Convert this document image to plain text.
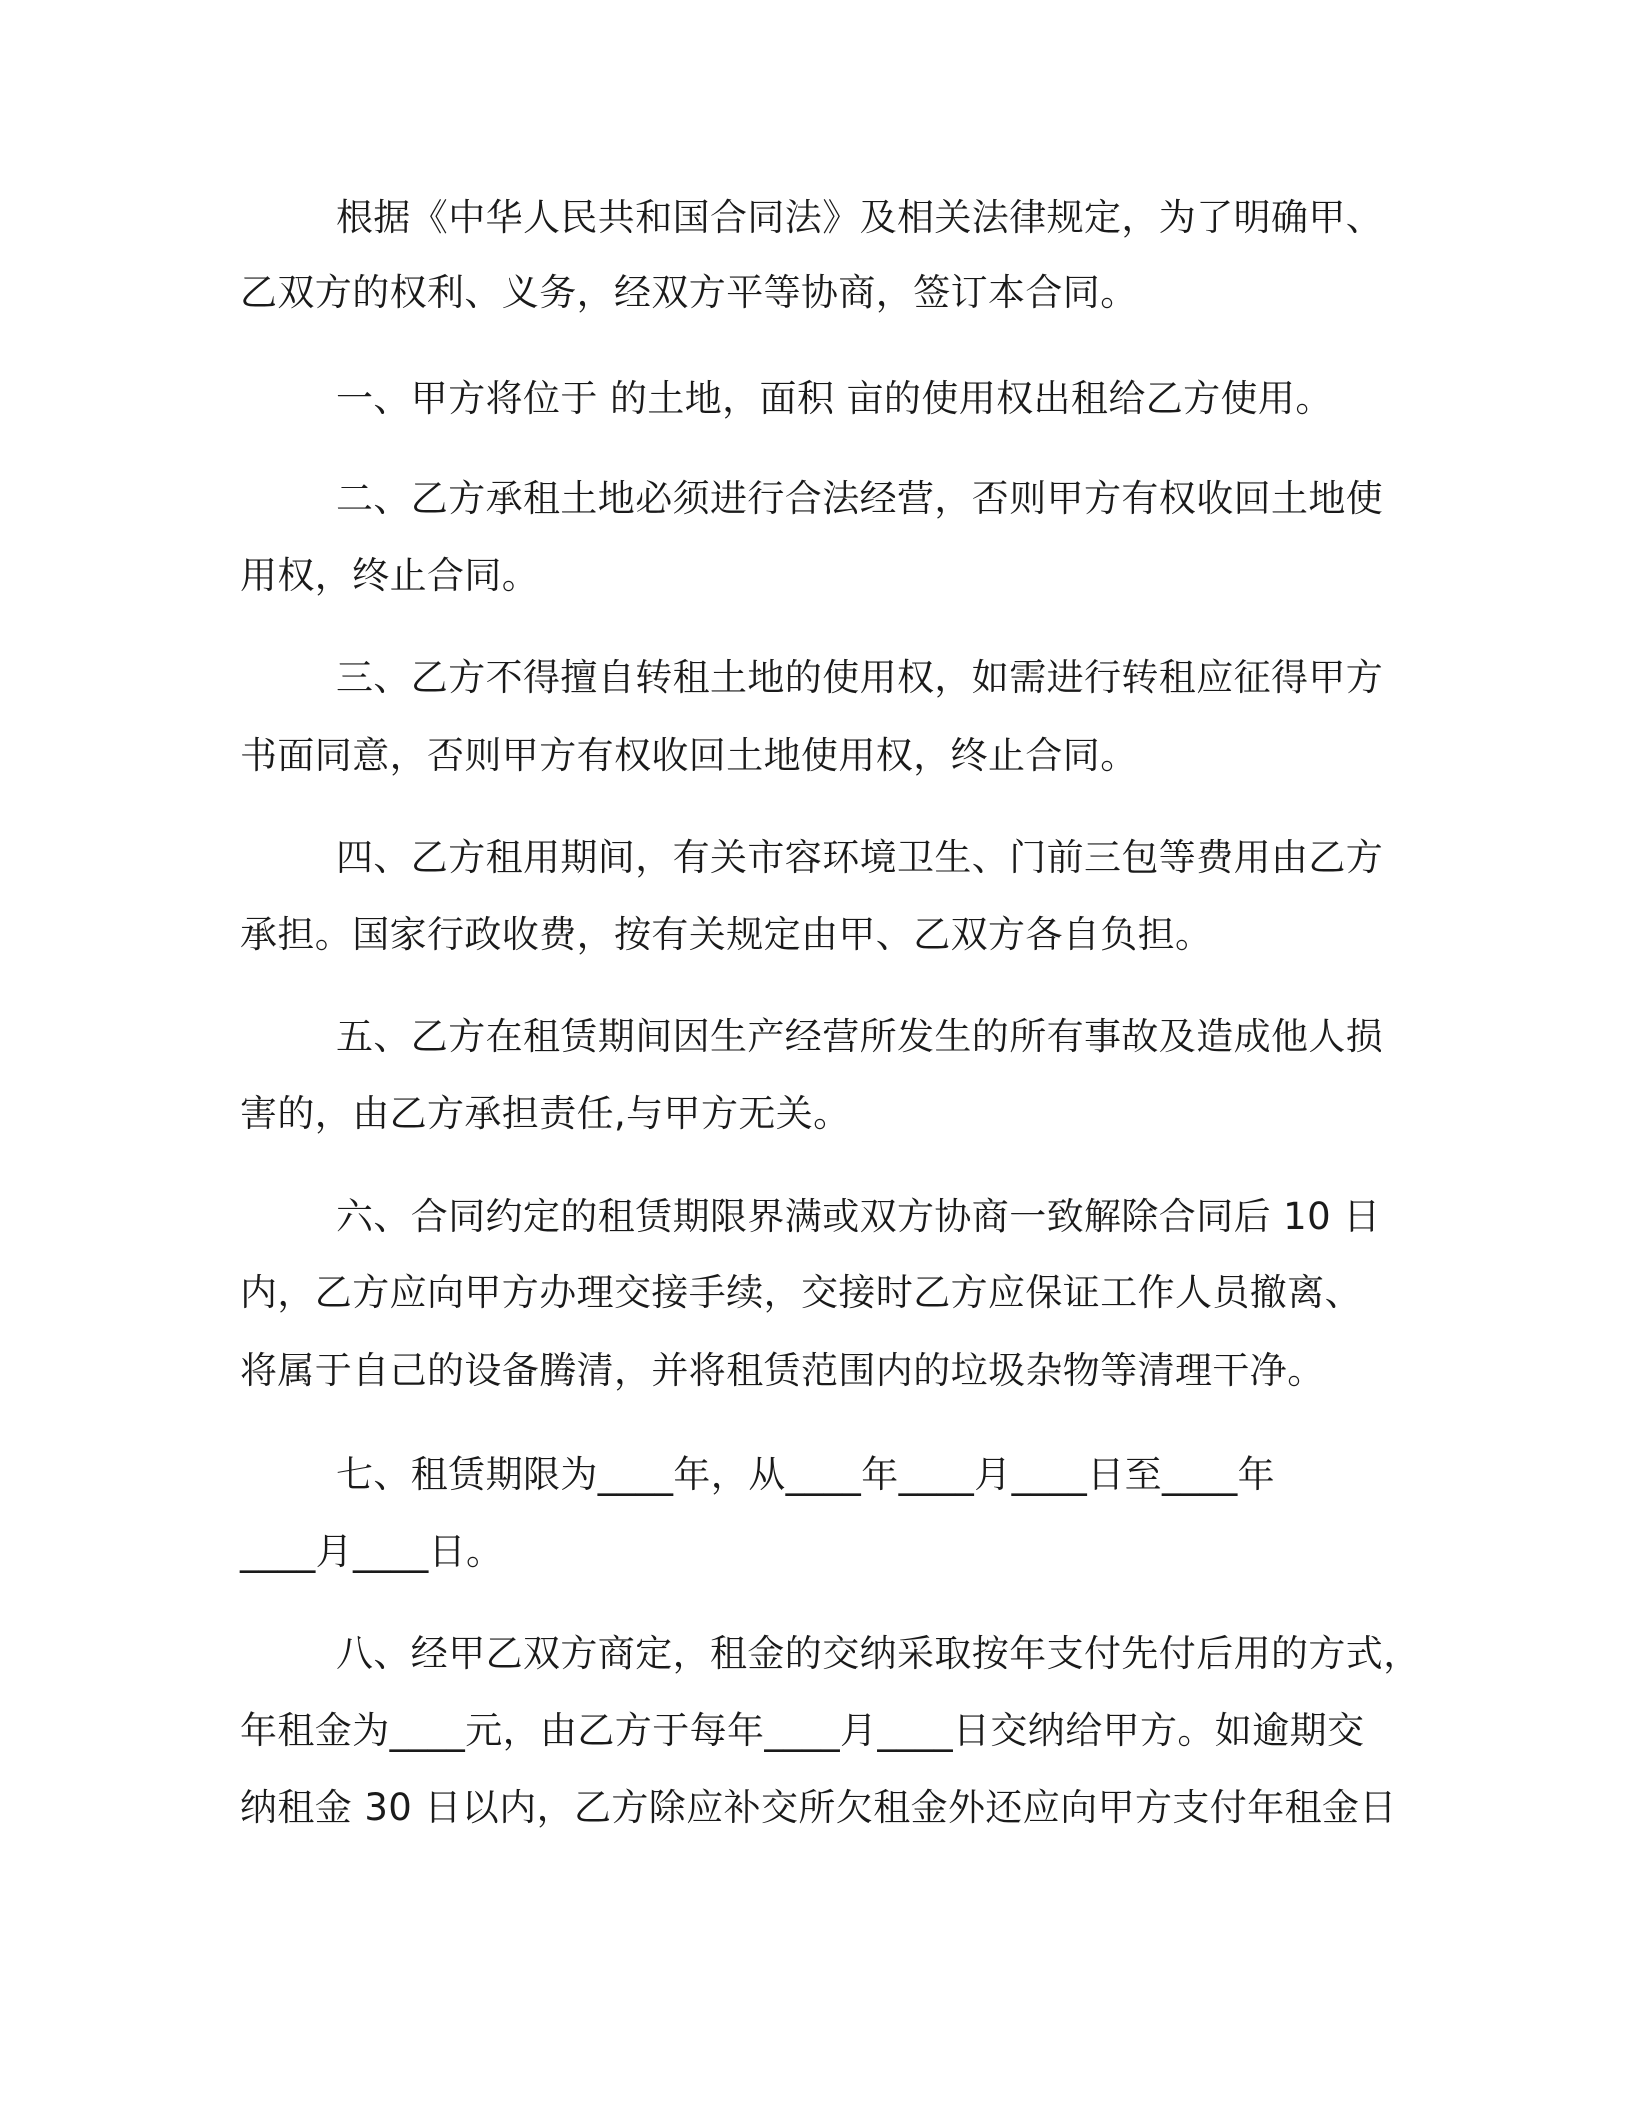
根据《中华人民共和国合同法》及相关法律规定，为了明确甲、
乙双方的权利、义务，经双方平等协商，签订本合同。
一、甲方将位于 的土地，面积 亩的使用权出租给乙方使用。
二、乙方承租土地必须进行合法经营，否则甲方有权收回土地使
用权，终止合同。
三、乙方不得擅自转租土地的使用权，如需进行转租应征得甲方
书面同意，否则甲方有权收回土地使用权，终止合同。
四、乙方租用期间，有关市容环境卫生、门前三包等费用由乙方
承担。国家行政收费，按有关规定由甲、乙双方各自负担。
五、乙方在租赁期间因生产经营所发生的所有事故及造成他人损
害的，由乙方承担责任,与甲方无关。
六、合同约定的租赁期限界满或双方协商一致解除合同后 10 日
内，乙方应向甲方办理交接手续，交接时乙方应保证工作人员撤离、
将属于自己的设备腾清，并将租赁范围内的垃圾杂物等清理干净。
七、租赁期限为____年，从____年____月____日至____年
____月____日。
八、经甲乙双方商定，租金的交纳采取按年支付先付后用的方式，
年租金为____元，由乙方于每年____月____日交纳给甲方。如逾期交
纳租金 30 日以内，乙方除应补交所欠租金外还应向甲方支付年租金日
